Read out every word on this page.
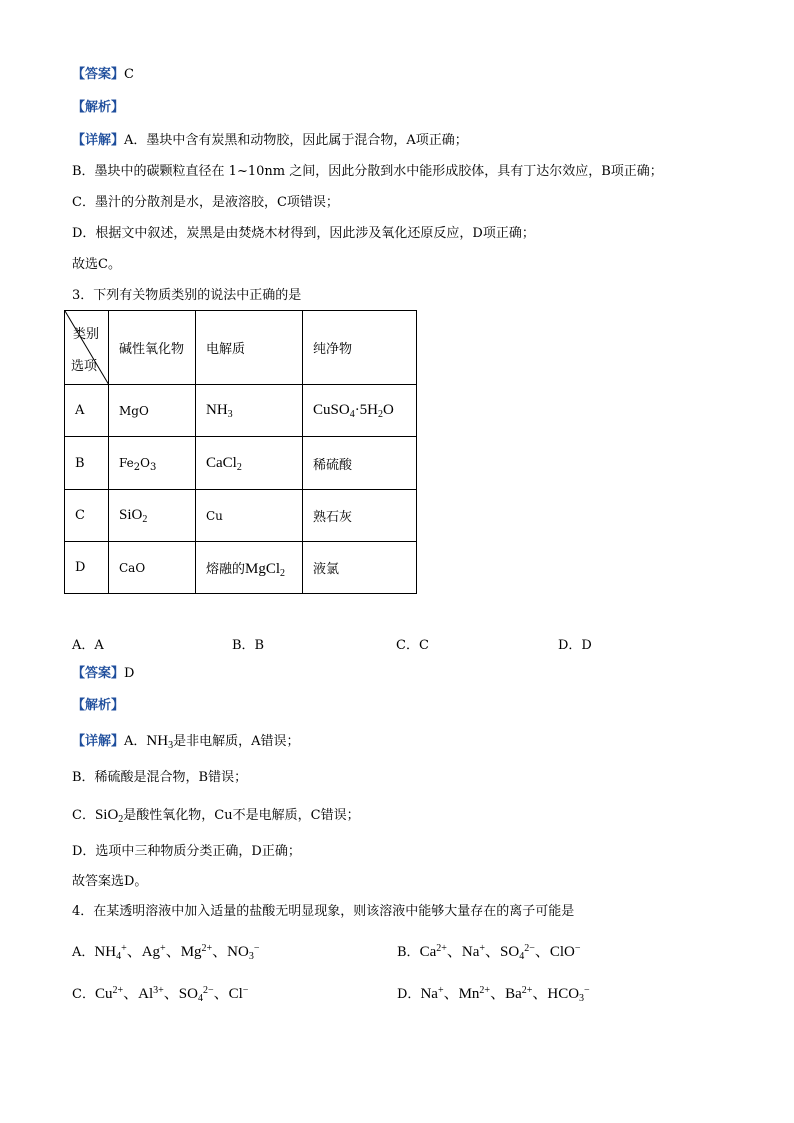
【答案】C
【解析】
【详解】A．墨块中含有炭黑和动物胶，因此属于混合物，A项正确；
B．墨块中的碳颗粒直径在 1~10nm 之间，因此分散到水中能形成胶体，具有丁达尔效应，B项正确；
C．墨汁的分散剂是水，是液溶胶，C项错误；
D．根据文中叙述，炭黑是由焚烧木材得到，因此涉及氧化还原反应，D项正确；
故选C。
3．下列有关物质类别的说法中正确的是
类别
选项	碱性氧化物	电解质	纯净物
A	MgO	$NH_3$	$CuSO_4\cdot 5H_2O$
B	$Fe_2O_3$	CaCl$_2$	稀硫酸
C	SiO$_2$	Cu	熟石灰
D	CaO	熔融的MgCl$_2$	液氯
A．A	B．B	C．C	D．D
【答案】D
【解析】
【详解】A．$NH_3$是非电解质，A错误；
B．稀硫酸是混合物，B错误；
C．SiO$_2$是酸性氧化物，Cu不是电解质，C错误；
D．选项中三种物质分类正确，D正确；
故答案选D。
4．在某透明溶液中加入适量的盐酸无明显现象，则该溶液中能够大量存在的离子可能是
A．$NH_4^+$、Ag+、$Mg^{2+}$、$NO_3^-$	B．$Ca^{2+}$、Na+、$SO_4^{2-}$、ClO−
C．$Cu^{2+}$、$Al^{3+}$、$SO_4^{2-}$、Cl−	D．Na+、$Mn^{2+}$、$Ba^{2+}$、$HCO_3^-$
